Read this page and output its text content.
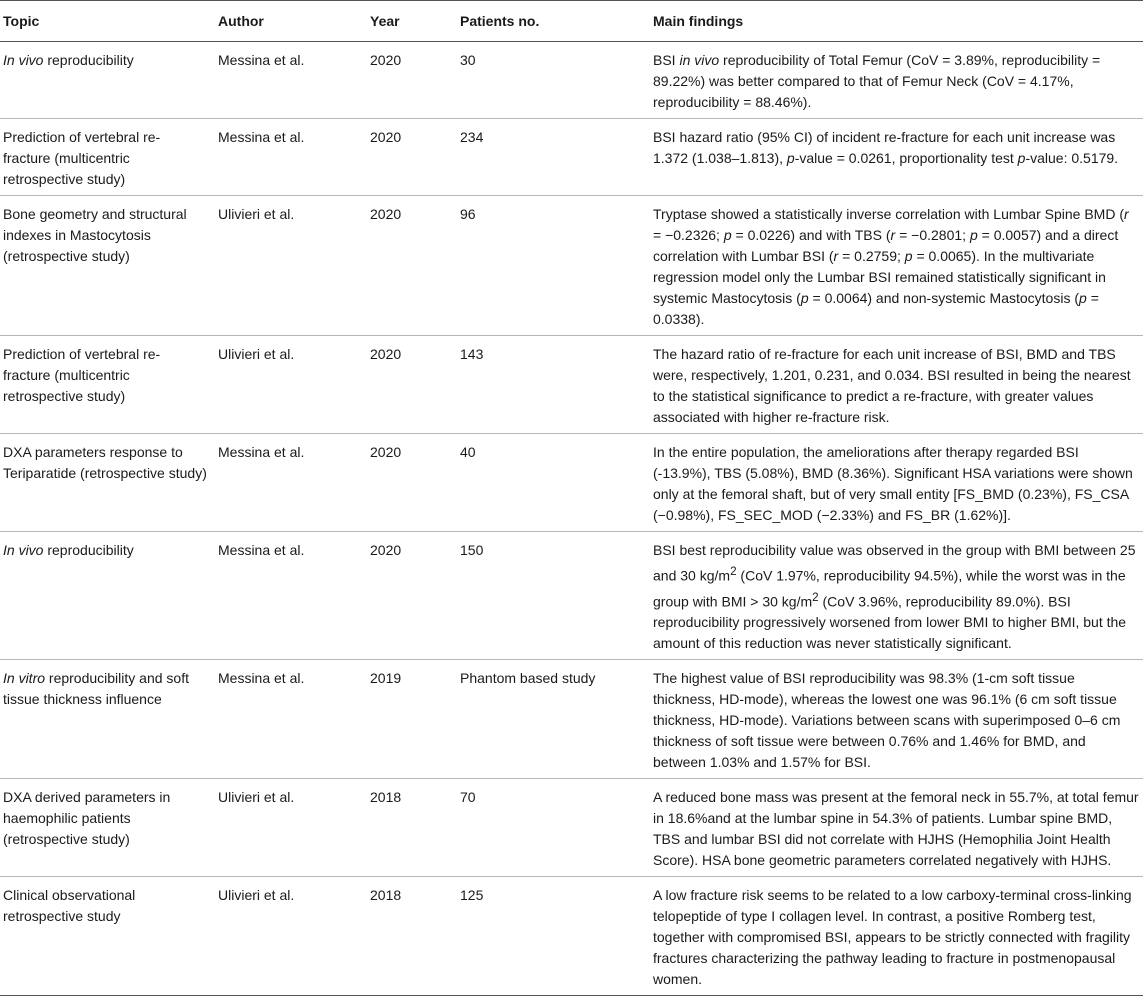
Topic	Author	Year	Patients no.	Main findings
In vivo reproducibility	Messina et al.	2020	30	BSI in vivo reproducibility of Total Femur (CoV = 3.89%, reproducibility = 89.22%) was better compared to that of Femur Neck (CoV = 4.17%, reproducibility = 88.46%).
Prediction of vertebral re-fracture (multicentric retrospective study)	Messina et al.	2020	234	BSI hazard ratio (95% CI) of incident re-fracture for each unit increase was 1.372 (1.038–1.813), p-value = 0.0261, proportionality test p-value: 0.5179.
Bone geometry and structural indexes in Mastocytosis (retrospective study)	Ulivieri et al.	2020	96	Tryptase showed a statistically inverse correlation with Lumbar Spine BMD (r = −0.2326; p = 0.0226) and with TBS (r = −0.2801; p = 0.0057) and a direct correlation with Lumbar BSI (r = 0.2759; p = 0.0065). In the multivariate regression model only the Lumbar BSI remained statistically significant in systemic Mastocytosis (p = 0.0064) and non-systemic Mastocytosis (p = 0.0338).
Prediction of vertebral re-fracture (multicentric retrospective study)	Ulivieri et al.	2020	143	The hazard ratio of re-fracture for each unit increase of BSI, BMD and TBS were, respectively, 1.201, 0.231, and 0.034. BSI resulted in being the nearest to the statistical significance to predict a re-fracture, with greater values associated with higher re-fracture risk.
DXA parameters response to Teriparatide (retrospective study)	Messina et al.	2020	40	In the entire population, the ameliorations after therapy regarded BSI (-13.9%), TBS (5.08%), BMD (8.36%). Significant HSA variations were shown only at the femoral shaft, but of very small entity [FS_BMD (0.23%), FS_CSA (−0.98%), FS_SEC_MOD (−2.33%) and FS_BR (1.62%)].
In vivo reproducibility	Messina et al.	2020	150	BSI best reproducibility value was observed in the group with BMI between 25 and 30 $kg/m^2$ (CoV 1.97%, reproducibility 94.5%), while the worst was in the group with BMI > 30 $kg/m^2$ (CoV 3.96%, reproducibility 89.0%). BSI reproducibility progressively worsened from lower BMI to higher BMI, but the amount of this reduction was never statistically significant.
In vitro reproducibility and soft tissue thickness influence	Messina et al.	2019	Phantom based study	The highest value of BSI reproducibility was 98.3% (1-cm soft tissue thickness, HD-mode), whereas the lowest one was 96.1% (6 cm soft tissue thickness, HD-mode). Variations between scans with superimposed 0–6 cm thickness of soft tissue were between 0.76% and 1.46% for BMD, and between 1.03% and 1.57% for BSI.
DXA derived parameters in haemophilic patients (retrospective study)	Ulivieri et al.	2018	70	A reduced bone mass was present at the femoral neck in 55.7%, at total femur in 18.6%and at the lumbar spine in 54.3% of patients. Lumbar spine BMD, TBS and lumbar BSI did not correlate with HJHS (Hemophilia Joint Health Score). HSA bone geometric parameters correlated negatively with HJHS.
Clinical observational retrospective study	Ulivieri et al.	2018	125	A low fracture risk seems to be related to a low carboxy-terminal cross-linking telopeptide of type I collagen level. In contrast, a positive Romberg test, together with compromised BSI, appears to be strictly connected with fragility fractures characterizing the pathway leading to fracture in postmenopausal women.
